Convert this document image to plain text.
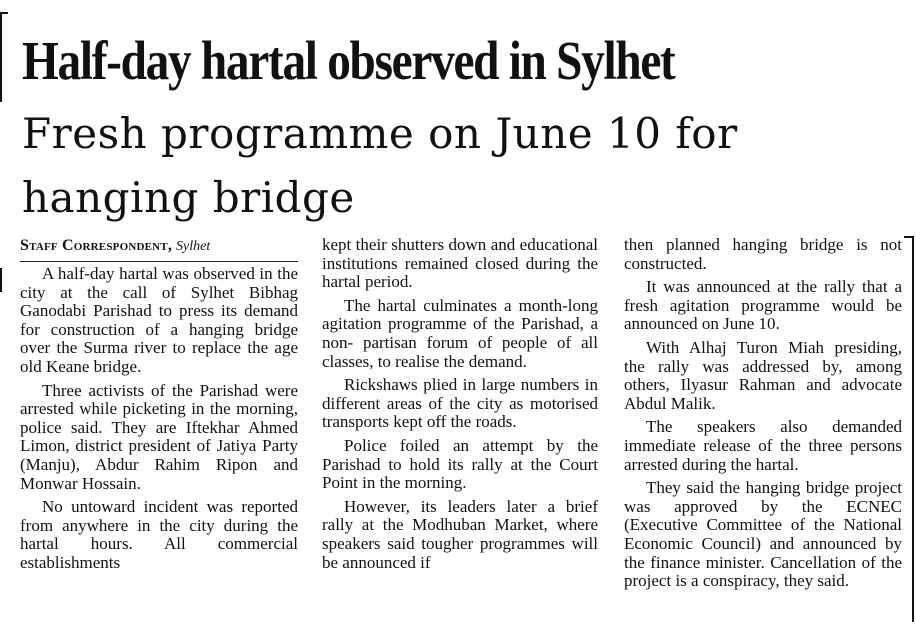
Half-day hartal observed in Sylhet
Fresh programme on June 10 for hanging bridge
Staff Correspondent, Sylhet

A half-day hartal was observed in the city at the call of Sylhet Bibhag Ganodabi Parishad to press its demand for construction of a hanging bridge over the Surma river to replace the age old Keane bridge.

Three activists of the Parishad were arrested while picketing in the morning, police said. They are Iftekhar Ahmed Limon, district president of Jatiya Party (Manju), Abdur Rahim Ripon and Monwar Hossain.

No untoward incident was reported from anywhere in the city during the hartal hours. All commercial establishments

kept their shutters down and educational institutions remained closed during the hartal period.

The hartal culminates a month-long agitation programme of the Parishad, a non- partisan forum of people of all classes, to realise the demand.

Rickshaws plied in large numbers in different areas of the city as motorised transports kept off the roads.

Police foiled an attempt by the Parishad to hold its rally at the Court Point in the morning.

However, its leaders later a brief rally at the Modhuban Market, where speakers said tougher programmes will be announced if

then planned hanging bridge is not constructed.

It was announced at the rally that a fresh agitation programme would be announced on June 10.

With Alhaj Turon Miah presiding, the rally was addressed by, among others, Ilyasur Rahman and advocate Abdul Malik.

The speakers also demanded immediate release of the three persons arrested during the hartal.

They said the hanging bridge project was approved by the ECNEC (Executive Committee of the National Economic Council) and announced by the finance minister. Cancellation of the project is a conspiracy, they said.
